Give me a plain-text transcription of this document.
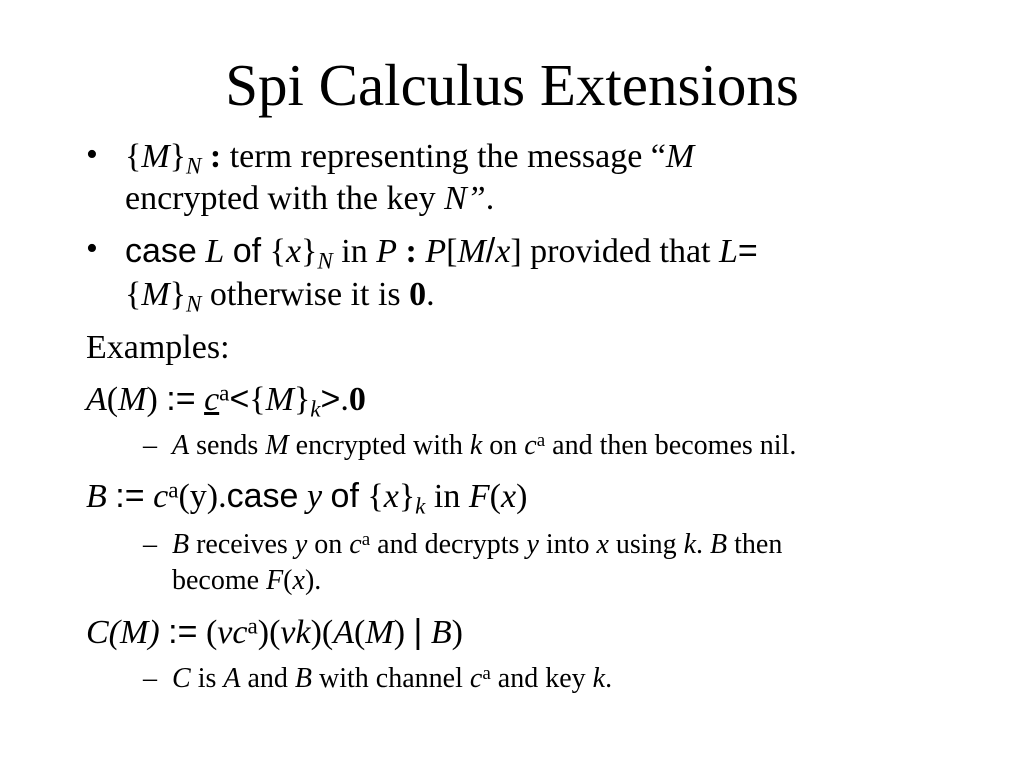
Spi Calculus Extensions
• $\{M\}_N$ : term representing the message “M
encrypted with the key N”.
• case L of $\{x\}_N$ in P : P[M/x] provided that L=
$\{M\}_N$ otherwise it is 0.
Examples:
A(M) := $c^a<\{M\}_k>.0$
– A sends M encrypted with k on $c^a$ and then becomes nil.
B := $c^a(y).case$ y of $\{x\}_k$ in F(x)
– B receives y on $c^a$ and decrypts y into x using k. B then
become F(x).
C(M) := $(vc^a)(vk)(A(M)$ | B)
– C is A and B with channel $c^a$ and key k.
